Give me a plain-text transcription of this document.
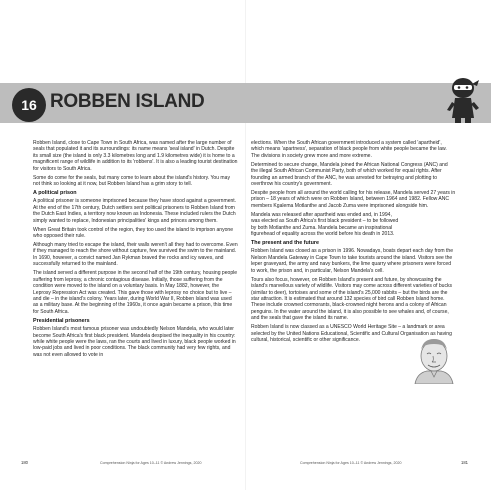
16 ROBBEN ISLAND

Robben Island, close to Cape Town in South Africa, was named after the large number of seals that populated it and its surroundings: its name means 'seal island' in Dutch. Despite its small size (the island is only 3.3 kilometres long and 1.9 kilometres wide) it is home to a magnificent range of wildlife in addition to its 'robbens'. It is also a leading tourist destination for visitors to South Africa.

Some do come for the seals, but many come to learn about the island's history. You may not think so looking at it now, but Robben Island has a grim story to tell.

A political prison

A political prisoner is someone imprisoned because they have stood against a government. At the end of the 17th century, Dutch settlers sent political prisoners to Robben Island from the Dutch East Indies, a territory now known as Indonesia. These included rulers the Dutch simply wanted to replace, Indonesian principalities' kings and princes among them.

When Great Britain took control of the region, they too used the island to imprison anyone who opposed their rule.

Although many tried to escape the island, their walls weren't all they had to overcome. Even if they managed to reach the shore without capture, few survived the swim to the mainland. In 1690, however, a convict named Jan Rykman braved the rocks and icy waves, and successfully returned to the mainland.

The island served a different purpose in the second half of the 19th century, housing people suffering from leprosy, a chronic contagious disease. Initially, those suffering from the condition were moved to the island on a voluntary basis. In May 1882, however, the Leprosy Repression Act was created. This gave those with leprosy no choice but to live – and die – in the island's colony. Years later, during World War II, Robben Island was used as a military base. At the beginning of the 1960s, it once again became a prison, this time for South Africa.

Presidential prisoners

Robben Island's most famous prisoner was undoubtedly Nelson Mandela, who would later become South Africa's first black president. Mandela despised the inequality in his country: while white people were the laws, ran the courts and lived in luxury, black people worked in low-paid jobs and lived in poor conditions. The black community had very few rights, and was not even allowed to vote in

elections. When the South African government introduced a system called 'apartheid', which means 'apartness', separation of black people from white people became the law. The divisions in society grew more and more extreme.

Determined to secure change, Mandela joined the African National Congress (ANC) and the illegal South African Communist Party, both of which worked for equal rights. After founding an armed branch of the ANC, he was arrested for betraying and plotting to overthrow his country's government.

Despite people from all around the world calling for his release, Mandela served 27 years in prison – 18 years of which were on Robben Island, between 1964 and 1982. Fellow ANC members Kgalema Motlanthe and Jacob Zuma were imprisoned alongside him.

Mandela was released after apartheid was ended and, in 1994, was elected as South Africa's first black president – to be followed by both Motlanthe and Zuma. Mandela became an inspirational figurehead of equality across the world before his death in 2013.

The present and the future

Robben Island was closed as a prison in 1996. Nowadays, boats depart each day from the Nelson Mandela Gateway in Cape Town to take tourists around the island. Visitors see the leper graveyard, the army and navy bunkers, the lime quarry where prisoners were forced to work, the prison and, in particular, Nelson Mandela's cell.

Tours also focus, however, on Robben Island's present and future, by showcasing the island's marvellous variety of wildlife. Visitors may come across different varieties of bucks (similar to deer), tortoises and some of the island's 25,000 rabbits – but the birds are the star attraction. It is estimated that around 132 species of bird call Robben Island home. These include crowned cormorants, black-crowned night herons and a colony of African penguins. In the water around the island, it is also possible to see whales and, of course, and the seals that gave the island its name.

Robben Island is now classed as a UNESCO World Heritage Site – a landmark or area selected by the United Nations Educational, Scientific and Cultural Organisation as having cultural, historical, scientific or other significance.

180	Comprehension Ninja for Ages 10–11 © Andrew Jennings, 2020	Comprehension Ninja for Ages 10–11 © Andrew Jennings, 2020	181
